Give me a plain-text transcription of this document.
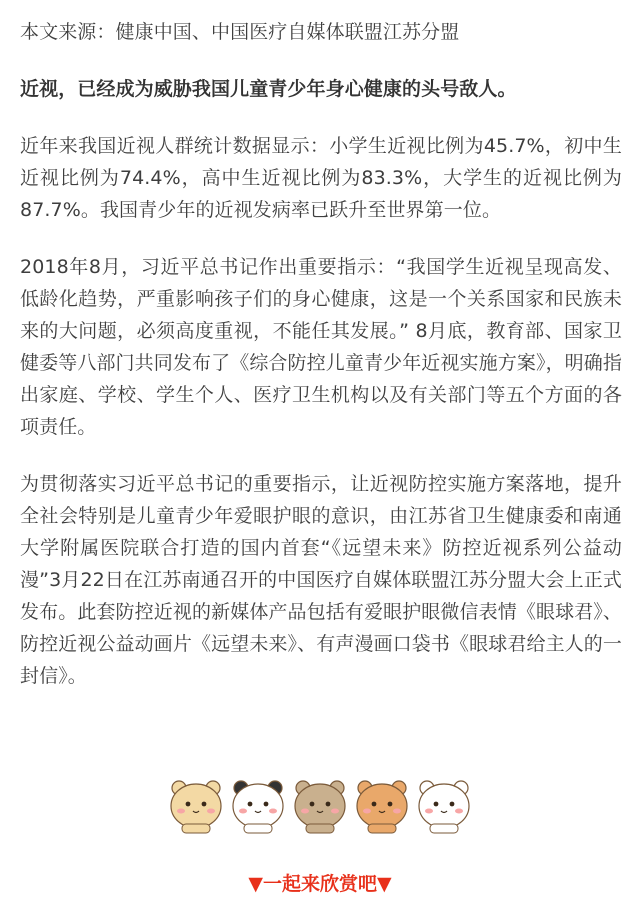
本文来源：健康中国、中国医疗自媒体联盟江苏分盟

近视，已经成为威胁我国儿童青少年身心健康的头号敌人。

近年来我国近视人群统计数据显示：小学生近视比例为45.7%，初中生近视比例为74.4%，高中生近视比例为83.3%，大学生的近视比例为87.7%。我国青少年的近视发病率已跃升至世界第一位。

2018年8月，习近平总书记作出重要指示：“我国学生近视呈现高发、低龄化趋势，严重影响孩子们的身心健康，这是一个关系国家和民族未来的大问题，必须高度重视，不能任其发展。” 8月底，教育部、国家卫健委等八部门共同发布了《综合防控儿童青少年近视实施方案》，明确指出家庭、学校、学生个人、医疗卫生机构以及有关部门等五个方面的各项责任。

为贯彻落实习近平总书记的重要指示，让近视防控实施方案落地，提升全社会特别是儿童青少年爱眼护眼的意识，由江苏省卫生健康委和南通大学附属医院联合打造的国内首套“《远望未来》防控近视系列公益动漫”3月22日在江苏南通召开的中国医疗自媒体联盟江苏分盟大会上正式发布。此套防控近视的新媒体产品包括有爱眼护眼微信表情《眼球君》、防控近视公益动画片《远望未来》、有声漫画口袋书《眼球君给主人的一封信》。

▼一起来欣赏吧▼
